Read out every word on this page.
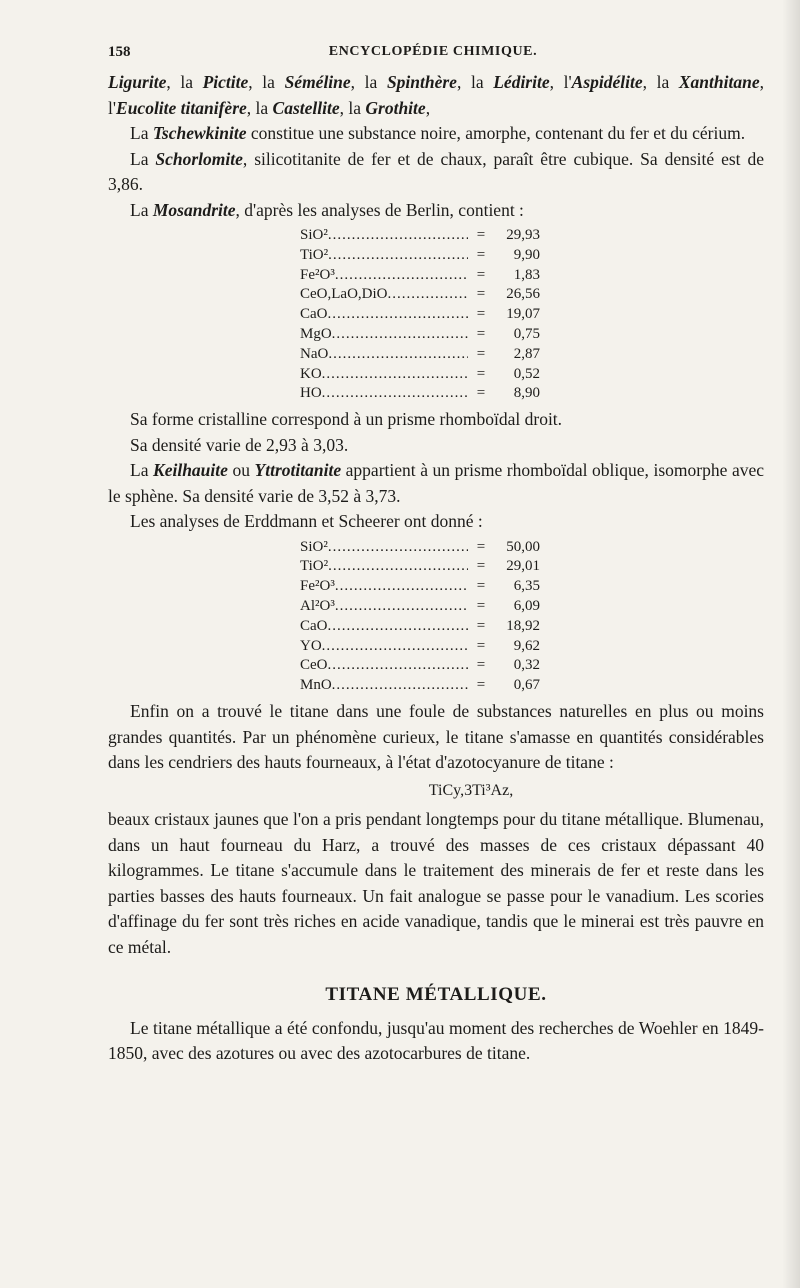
158	ENCYCLOPÉDIE CHIMIQUE.

Ligurite, la Pictite, la Séméline, la Spinthère, la Lédirite, l'Aspidélite, la Xanthitane, l'Eucolite titanifère, la Castellite, la Grothite,

La Tschewkinite constitue une substance noire, amorphe, contenant du fer et du cérium.

La Schorlomite, silicotitanite de fer et de chaux, paraît être cubique. Sa densité est de 3,86.

La Mosandrite, d'après les analyses de Berlin, contient :

SiO² .....	=	29,93
TiO² .....	=	9,90
Fe²O³ .....	=	1,83
CeO,LaO,DiO .....	=	26,56
CaO .....	=	19,07
MgO .....	=	0,75
NaO .....	=	2,87
KO .....	=	0,52
HO .....	=	8,90

Sa forme cristalline correspond à un prisme rhomboïdal droit.

Sa densité varie de 2,93 à 3,03.

La Keilhauite ou Yttrotitanite appartient à un prisme rhomboïdal oblique, isomorphe avec le sphène. Sa densité varie de 3,52 à 3,73.

Les analyses de Erddmann et Scheerer ont donné :

SiO² .....	=	50,00
TiO² .....	=	29,01
Fe²O³ .....	=	6,35
Al²O³ .....	=	6,09
CaO .....	=	18,92
YO .....	=	9,62
CeO .....	=	0,32
MnO .....	=	0,67

Enfin on a trouvé le titane dans une foule de substances naturelles en plus ou moins grandes quantités. Par un phénomène curieux, le titane s'amasse en quantités considérables dans les cendriers des hauts fourneaux, à l'état d'azotocyanure de titane :

TiCy,3Ti³Az,

beaux cristaux jaunes que l'on a pris pendant longtemps pour du titane métallique. Blumenau, dans un haut fourneau du Harz, a trouvé des masses de ces cristaux dépassant 40 kilogrammes. Le titane s'accumule dans le traitement des minerais de fer et reste dans les parties basses des hauts fourneaux. Un fait analogue se passe pour le vanadium. Les scories d'affinage du fer sont très riches en acide vanadique, tandis que le minerai est très pauvre en ce métal.

TITANE MÉTALLIQUE.

Le titane métallique a été confondu, jusqu'au moment des recherches de Woehler en 1849-1850, avec des azotures ou avec des azotocarbures de titane.
